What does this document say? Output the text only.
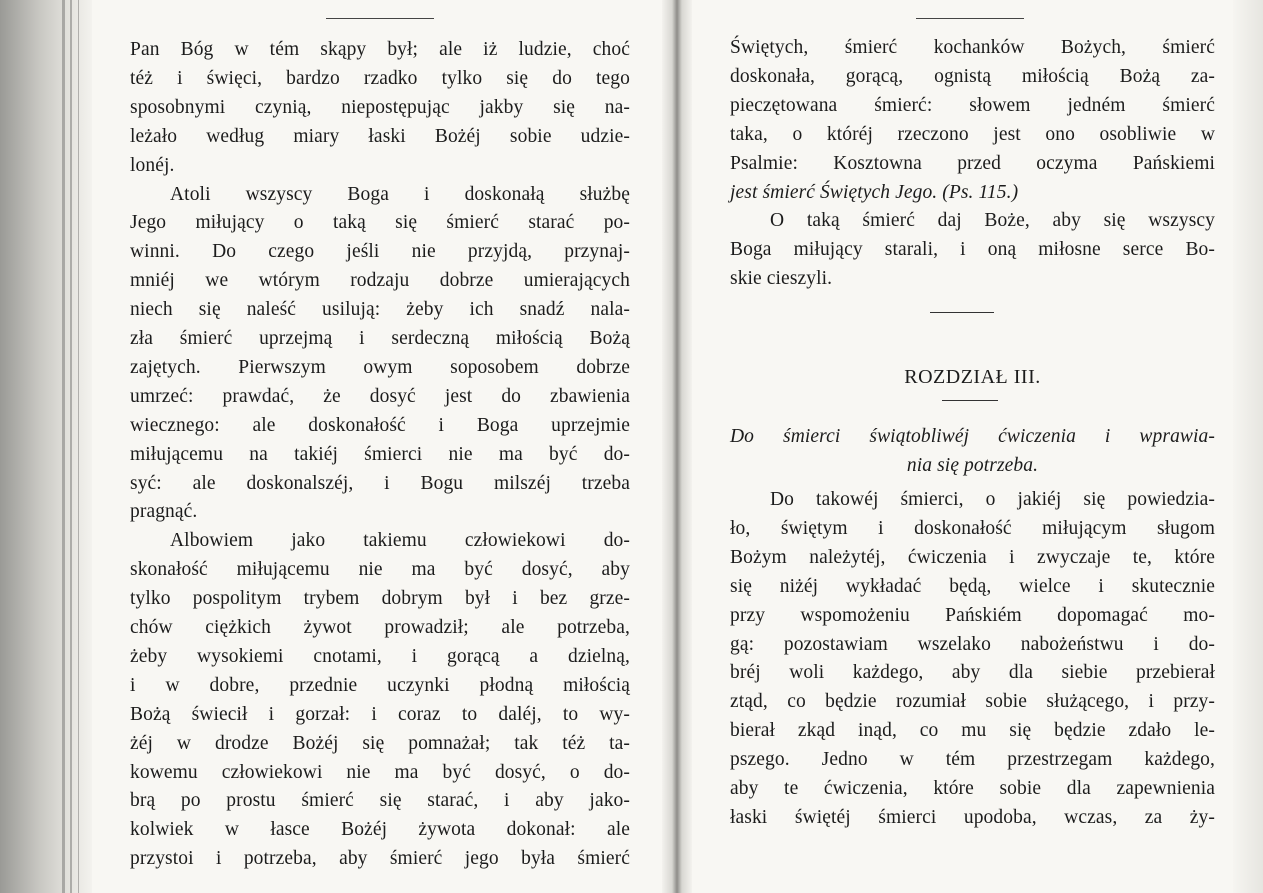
Pan Bóg w tém skąpy był; ale iż ludzie, choć
téż i święci, bardzo rzadko tylko się do tego
sposobnymi czynią, niepostępując jakby się na-
leżało według miary łaski Bożéj sobie udzie-
lonéj.
Atoli wszyscy Boga i doskonałą służbę
Jego miłujący o taką się śmierć starać po-
winni. Do czego jeśli nie przyjdą, przynaj-
mniéj we wtórym rodzaju dobrze umierających
niech się naleść usilują: żeby ich snadź nala-
zła śmierć uprzejmą i serdeczną miłością Bożą
zajętych. Pierwszym owym soposobem dobrze
umrzeć: prawdać, że dosyć jest do zbawienia
wiecznego: ale doskonałość i Boga uprzejmie
miłującemu na takiéj śmierci nie ma być do-
syć: ale doskonalszéj, i Bogu milszéj trzeba
pragnąć.
Albowiem jako takiemu człowiekowi do-
skonałość miłującemu nie ma być dosyć, aby
tylko pospolitym trybem dobrym był i bez grze-
chów ciężkich żywot prowadził; ale potrzeba,
żeby wysokiemi cnotami, i gorącą a dzielną,
i w dobre, przednie uczynki płodną miłością
Bożą świecił i gorzał: i coraz to daléj, to wy-
żéj w drodze Bożéj się pomnażał; tak téż ta-
kowemu człowiekowi nie ma być dosyć, o do-
brą po prostu śmierć się starać, i aby jako-
kolwiek w łasce Bożéj żywota dokonał: ale
przystoi i potrzeba, aby śmierć jego była śmierć
Świętych, śmierć kochanków Bożych, śmierć
doskonała, gorącą, ognistą miłością Bożą za-
pieczętowana śmierć: słowem jedném śmierć
taka, o któréj rzeczono jest ono osobliwie w
Psalmie: Kosztowna przed oczyma Pańskiemi
jest śmierć Świętych Jego. (Ps. 115.)
O taką śmierć daj Boże, aby się wszyscy
Boga miłujący starali, i oną miłosne serce Bo-
skie cieszyli.
ROZDZIAŁ III.
Do śmierci świątobliwéj ćwiczenia i wprawia-
nia się potrzeba.
Do takowéj śmierci, o jakiéj się powiedzia-
ło, świętym i doskonałość miłującym sługom
Bożym należytéj, ćwiczenia i zwyczaje te, które
się niżéj wykładać będą, wielce i skutecznie
przy wspomożeniu Pańskiém dopomagać mo-
gą: pozostawiam wszelako nabożeństwu i do-
bréj woli każdego, aby dla siebie przebierał
ztąd, co będzie rozumiał sobie służącego, i przy-
bierał zkąd inąd, co mu się będzie zdało le-
pszego. Jedno w tém przestrzegam każdego,
aby te ćwiczenia, które sobie dla zapewnienia
łaski świętéj śmierci upodoba, wczas, za ży-
